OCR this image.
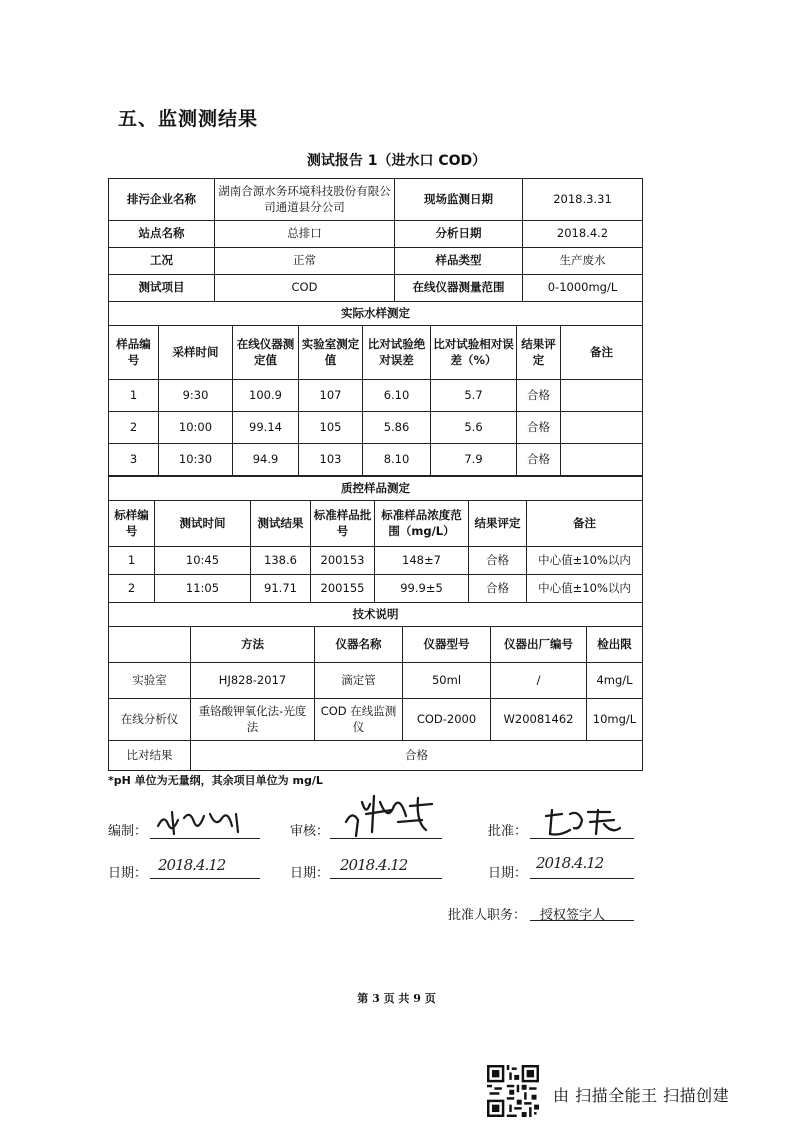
五、监测测结果
测试报告 1（进水口 COD）
排污企业名称	湖南合源水务环境科技股份有限公司通道县分公司	现场监测日期	2018.3.31
站点名称	总排口	分析日期	2018.4.2
工况	正常	样品类型	生产废水
测试项目	COD	在线仪器测量范围	0-1000mg/L
实际水样测定							
样品编号	采样时间	在线仪器测定值	实验室测定值	比对试验绝对误差	比对试验相对误差（%）	结果评定	备注
1	9:30	100.9	107	6.10	5.7	合格	
2	10:00	99.14	105	5.86	5.6	合格	
3	10:30	94.9	103	8.10	7.9	合格	
质控样品测定						
标样编号	测试时间	测试结果	标准样品批号	标准样品浓度范围（mg/L）	结果评定	备注
1	10:45	138.6	200153	148±7	合格	中心值±10%以内
2	11:05	91.71	200155	99.9±5	合格	中心值±10%以内
技术说明					
	方法	仪器名称	仪器型号	仪器出厂编号	检出限
实验室	HJ828-2017	滴定管	50ml	/	4mg/L
在线分析仪	重铬酸钾氧化法-光度法	COD 在线监测仪	COD-2000	W20081462	10mg/L
比对结果	合格				
*pH 单位为无量纲，其余项目单位为 mg/L
编制：	审核：	批准：
日期： 2018.4.12	日期： 2018.4.12	日期：
2018.4.12
批准人职务： 授权签字人
第 3 页 共 9 页
由 扫描全能王 扫描创建
